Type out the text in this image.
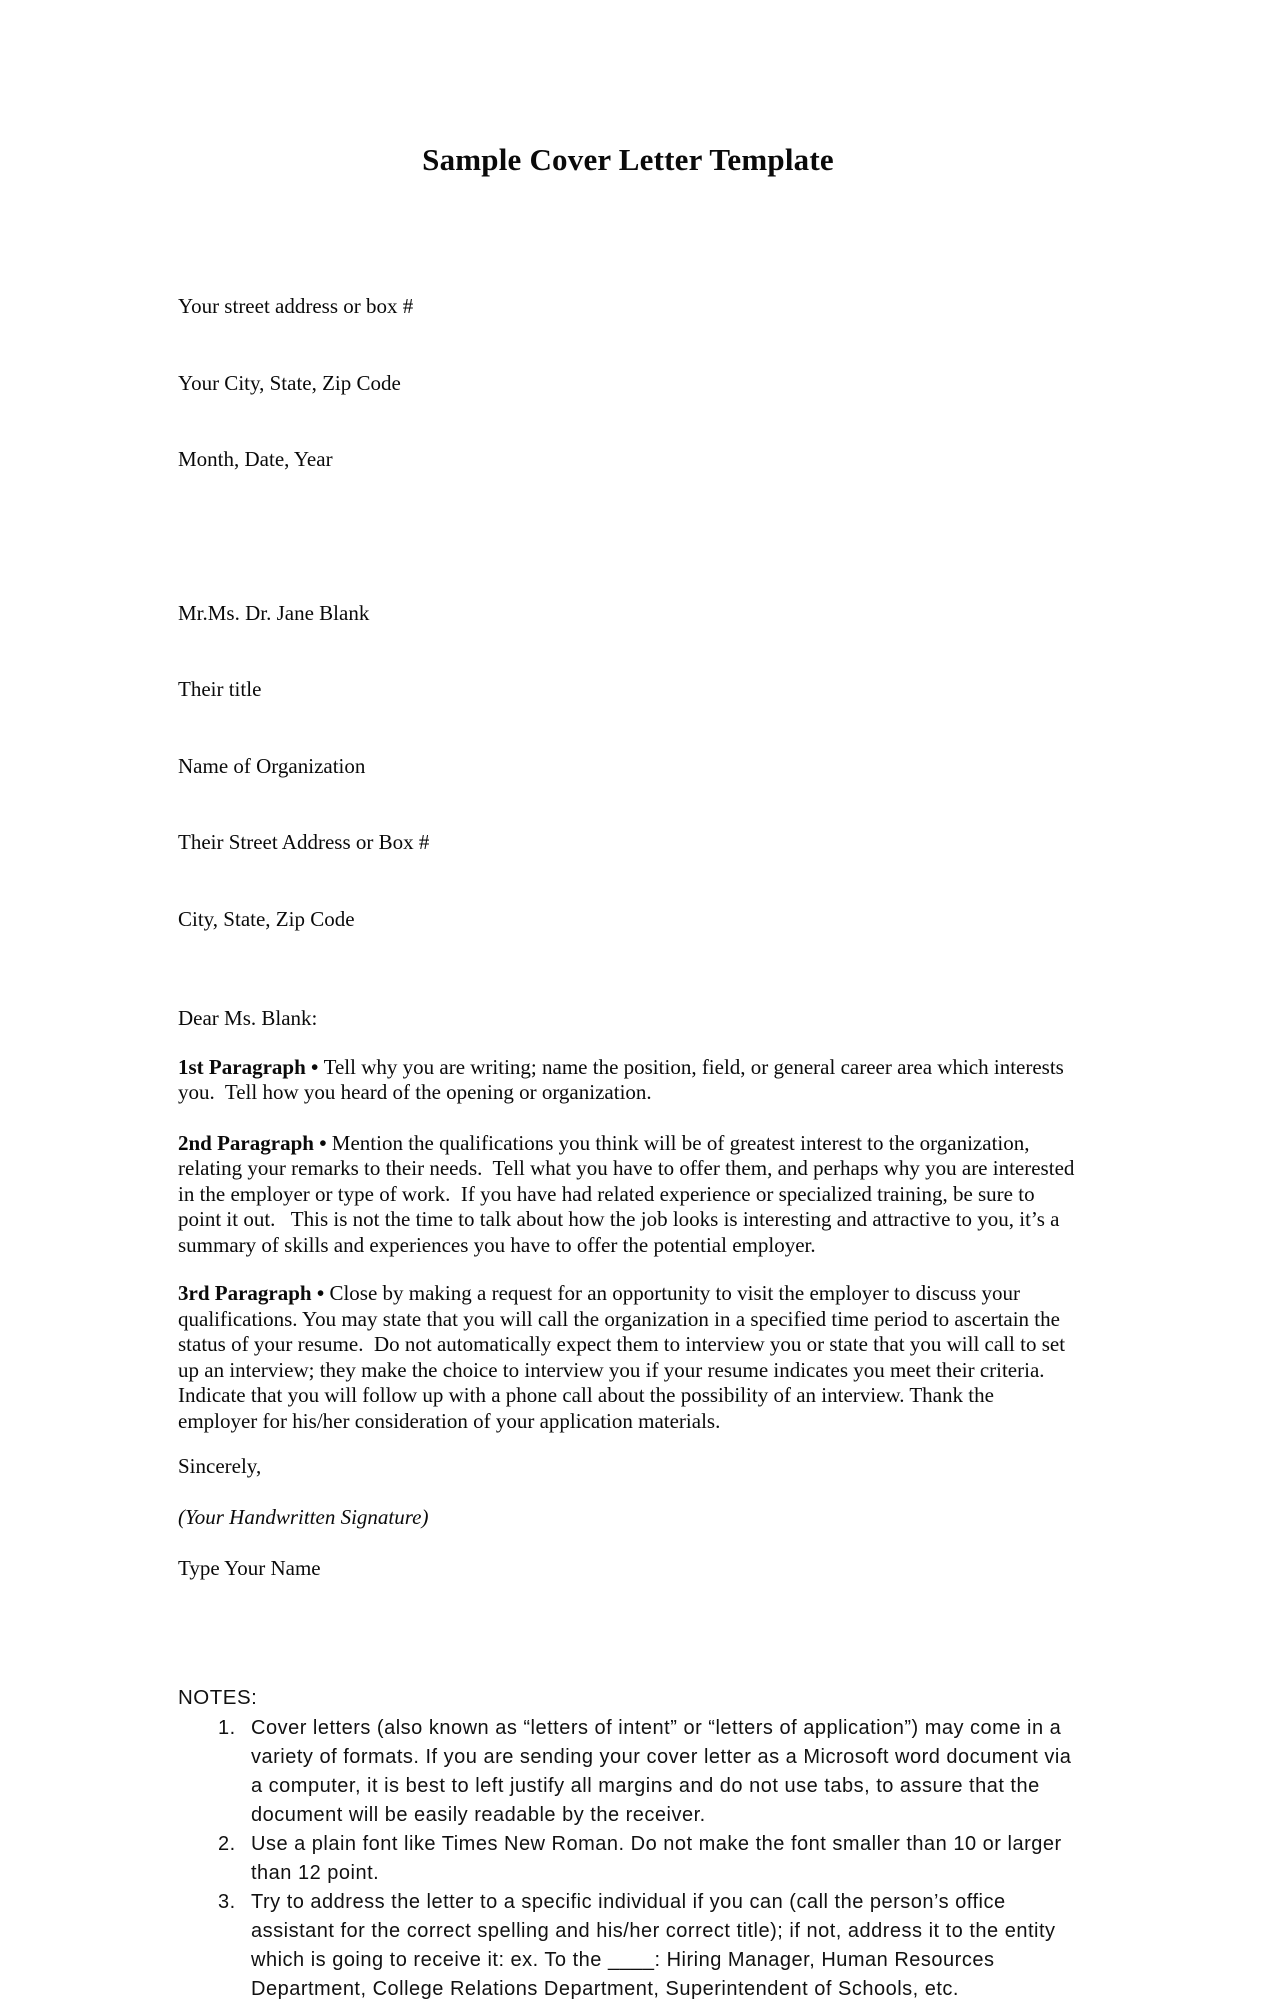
Sample Cover Letter Template

Your street address or box #

Your City, State, Zip Code

Month, Date, Year

Mr.Ms. Dr. Jane Blank

Their title

Name of Organization

Their Street Address or Box #

City, State, Zip Code

Dear Ms. Blank:

1st Paragraph • Tell why you are writing; name the position, field, or general career area which interests you.  Tell how you heard of the opening or organization.

2nd Paragraph • Mention the qualifications you think will be of greatest interest to the organization, relating your remarks to their needs.  Tell what you have to offer them, and perhaps why you are interested in the employer or type of work.  If you have had related experience or specialized training, be sure to point it out.   This is not the time to talk about how the job looks is interesting and attractive to you, it’s a summary of skills and experiences you have to offer the potential employer.

3rd Paragraph • Close by making a request for an opportunity to visit the employer to discuss your qualifications. You may state that you will call the organization in a specified time period to ascertain the status of your resume.  Do not automatically expect them to interview you or state that you will call to set up an interview; they make the choice to interview you if your resume indicates you meet their criteria.  Indicate that you will follow up with a phone call about the possibility of an interview. Thank the employer for his/her consideration of your application materials.

Sincerely,
(Your Handwritten Signature)
Type Your Name

NOTES:

1. Cover letters (also known as “letters of intent” or “letters of application”) may come in a variety of formats. If you are sending your cover letter as a Microsoft word document via a computer, it is best to left justify all margins and do not use tabs, to assure that the document will be easily readable by the receiver.
2. Use a plain font like Times New Roman. Do not make the font smaller than 10 or larger than 12 point.
3. Try to address the letter to a specific individual if you can (call the person’s office assistant for the correct spelling and his/her correct title); if not, address it to the entity which is going to receive it: ex. To the ____: Hiring Manager, Human Resources Department, College Relations Department, Superintendent of Schools, etc.
